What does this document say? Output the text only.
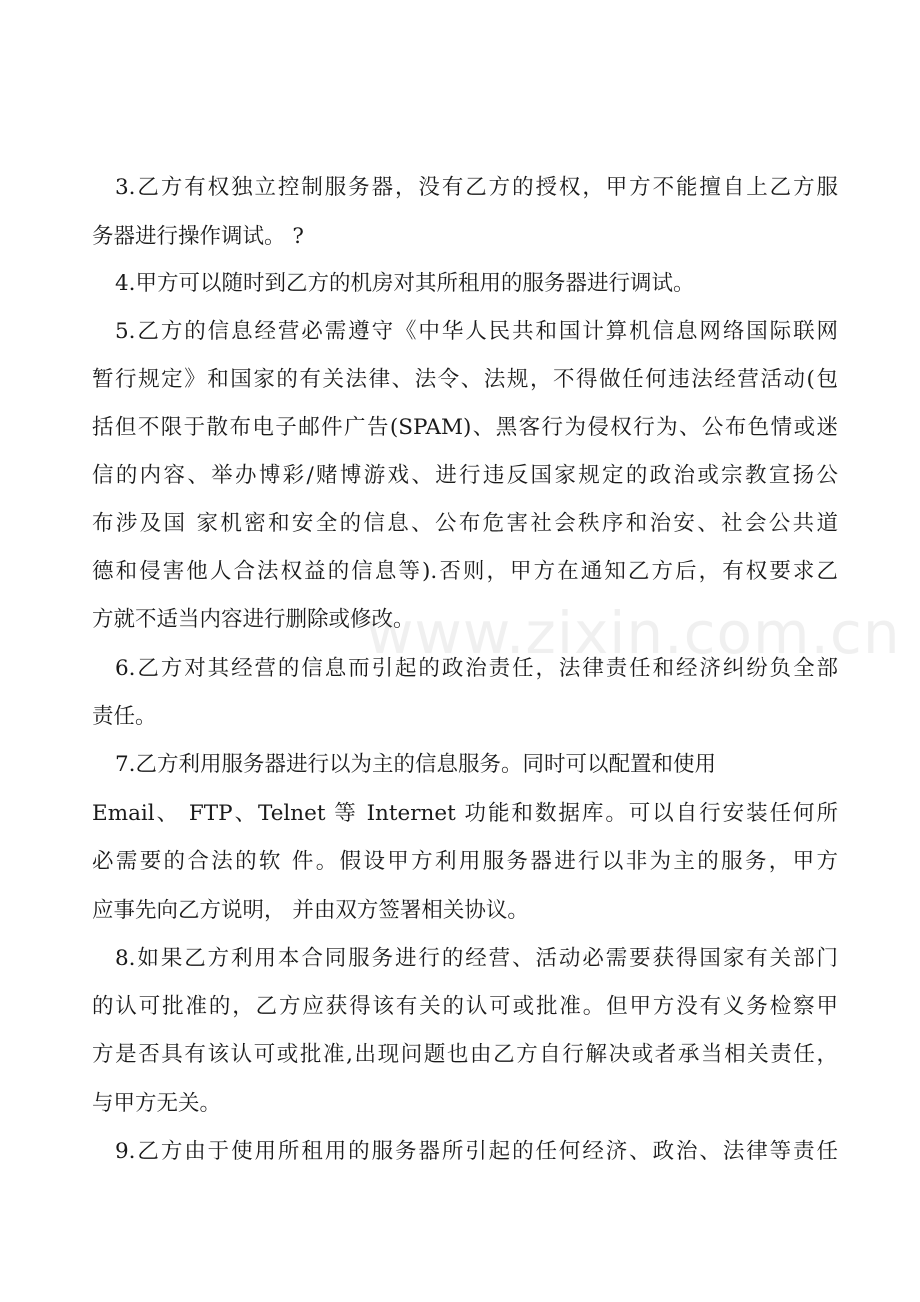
3.乙方有权独立控制服务器，没有乙方的授权，甲方不能擅自上乙方服
务器进行操作调试。 ?
4.甲方可以随时到乙方的机房对其所租用的服务器进行调试。
5.乙方的信息经营必需遵守《中华人民共和国计算机信息网络国际联网
暂行规定》和国家的有关法律、法令、法规，不得做任何违法经营活动(包
括但不限于散布电子邮件广告(SPAM)、黑客行为侵权行为、公布色情或迷
信的内容、举办博彩/赌博游戏、进行违反国家规定的政治或宗教宣扬公
布涉及国 家机密和安全的信息、公布危害社会秩序和治安、社会公共道
德和侵害他人合法权益的信息等).否则，甲方在通知乙方后，有权要求乙
方就不适当内容进行删除或修改。
6.乙方对其经营的信息而引起的政治责任，法律责任和经济纠纷负全部
责任。
7.乙方利用服务器进行以为主的信息服务。同时可以配置和使用
Email、 FTP、Telnet 等 Internet 功能和数据库。可以自行安装任何所
必需要的合法的软 件。假设甲方利用服务器进行以非为主的服务，甲方
应事先向乙方说明， 并由双方签署相关协议。
8.如果乙方利用本合同服务进行的经营、活动必需要获得国家有关部门
的认可批准的，乙方应获得该有关的认可或批准。但甲方没有义务检察甲
方是否具有该认可或批准,出现问题也由乙方自行解决或者承当相关责任，
与甲方无关。
9.乙方由于使用所租用的服务器所引起的任何经济、政治、法律等责任
www.zixin.com.cn
